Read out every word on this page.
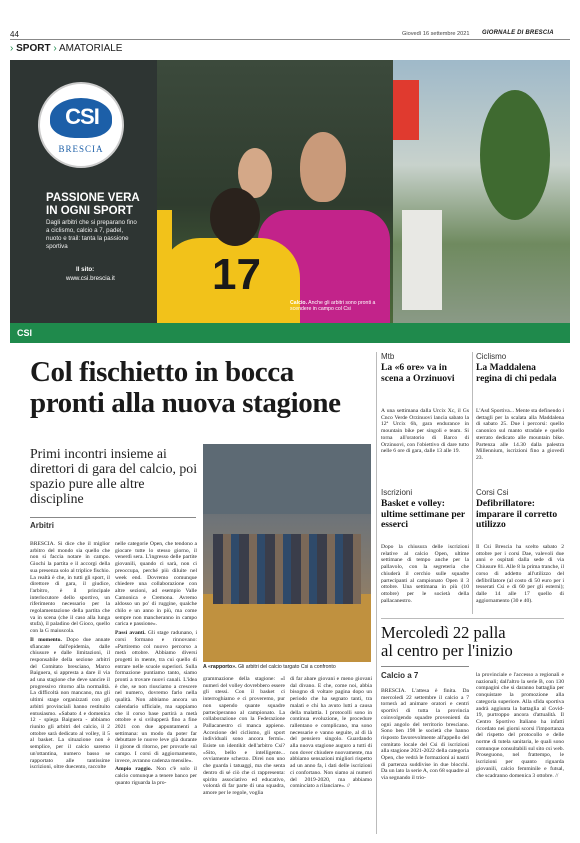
44	Giovedì 16 settembre 2021 GIORNALE DI BRESCIA
› SPORT › AMATORIALE
17
CSI
BRESCIA
PASSIONE VERA
IN OGNI SPORT
Dagli arbitri che si preparano fino a ciclismo, calcio a 7, padel, nuoto e trail: tanta la passione sportiva
Il sito:
www.csi.brescia.it
Calcio. Anche gli arbitri sono pronti a scendere in campo col Csi
CSI
Col fischietto in bocca
pronti alla nuova stagione
Primi incontri insieme ai direttori di gara del calcio, poi spazio pure alle altre discipline
Arbitri

BRESCIA. Si dice che il miglior arbitro del mondo sia quello che non si faccia notare in campo. Giochi la partita e il accorgi della sua presenza solo al triplice fischio. La realtà è che, in tutti gli sport, il direttore di gara, il giudice, l'arbitro, è il principale interlocutore dello sportivo, un riferimento necessario per la regolamentazione della partita che va in scena (che il caso alla lunga stufa), il paladino del Gioco, quello con la G maiuscola.

Il momento. Dopo due annate sfiancate dall'epidemia, dalle chiusure e dalle limitazioni, il responsabile della sezione arbitri del Comitato bresciano, Marco Baiguera, si appresta a dare il via ad una stagione che deve sancire il progressivo ritorno alla normalità. La difficoltà non mancano, ma gli ultimi stage organizzati con gli arbitri provinciali hanno restituito entusiasmo. «Sabato 4 e domenica 12 - spiega Baiguera - abbiamo riunito gli arbitri del calcio, il 2 ottobre sarà dedicato al volley, il 5 al basket. La situazione non è semplice, per il calcio saremo un'ottantina, numero basso se rapportato alle tantissime iscrizioni, oltre duecento, raccolte

nelle categorie Open, che tendono a giocare tutte lo stesso giorno, il venerdì sera. L'ingresso delle partite giovanili, quando ci sarà, non ci preoccupa, perché più diluite nel week end. Dovremo comunque chiedere una collaborazione con altre sezioni, ad esempio Valle Camonica e Cremona. Avremo aldosso un po' di ruggine, qualche chilo e un anno in più, ma come sempre non mancheranno in campo carica e passione».

Passi avanti. Gli stage radunano, i corsi formano e rinnovano: «Partiremo col nuovo percorso a metà ottobre. Abbiamo diversi progetti in mente, tra cui quello di entrare nelle scuole superiori. Sulla formazione puntiamo tanto, siamo pronti a trovare nuovi canali. L'idea è che, se non riusciamo a crescere nel numero, dovremo farlo nella qualità. Non abbiamo ancora un calendario ufficiale, ma sappiamo che il corso base partirà a metà ottobre e si svilupperà fino a fine 2021 con due appuntamenti a settimana: un modo da poter far debuttare le nuove leve già durante il girone di ritorno, per provarle sul campo. I corsi di aggiornamento, invece, avranno cadenza mensile».

Ampio raggio. Non c'è solo il calcio comunque a tenere banco per quanto riguarda la pro-

A «rapporto». Gli arbitri del calcio targato Csi a confronto
grammazione della stagione: «I numeri del volley dovrebbero essere gli stessi. Con il basket ci interroghiamo e ci proveremo, pur non sapendo quante squadre parteciperanno al campionato. La collaborazione con la Federazione Pallacanestro ci manca appieno. Accezione del ciclismo, gli sport individuali sono ancora fermi». Esiste un identikit dell'arbitro Csi? «Sito, bello e intelligente... ovviamente scherzo. Direi non uno che guarda i tatuaggi, ma che senta dentro di sé ciò che ci rappresenta: spirito associativo ed educativo, volontà di far parte di una squadra, amore per le regole, voglia
di far abare giovani e meno giovani dal divano. E che, come noi, abbia bisogno di voltare pagina dopo un periodo che ha segnato tanti, tra malati e chi ha avuto lutti a causa della malattia. I protocolli sono in continua evoluzione, le procedure rallentano e complicano, ma sono necessarie e vanno seguite, al di là del pensiero singolo. Guardando alla nuova stagione auguro a tutti di non dover chiudere nuovamente, ma abbiamo sensazioni migliori rispetto ad un anno fa, i dati delle iscrizioni ci confortano. Non siamo ai numeri del 2019-2020, ma abbiamo cominciato a rilanciare». //
Mtb
La «6 ore» va in scena a Orzinuovi
A una settimana dalla Urcix Xc, il Gs Cnco Verde Orzinuovi lancia sabato la 12ª Urcix 6h, gara endurance in mountain bike per singoli e team. Si torna all'oratorio di Barco di Orzinuovi, con l'obiettivo di dare tutto nelle 6 ore di gara, dalle 13 alle 19.
Ciclismo
La Maddalena regina di chi pedala
L'Asd Sportiva... Mente sta definendo i dettagli per la scalata alla Maddalena di sabato 25. Due i percorsi: quello canonico sul manto stradale e quello sterrato dedicato alle mountain bike. Partenza alle 14.30 dalla palestra Millennium, iscrizioni fino a giovedì 23.
Iscrizioni
Basket e volley: ultime settimane per esserci
Dopo la chiusura delle iscrizioni relative al calcio Open, ultime settimane di tempo anche per la pallavolo, con la segreteria che chiuderà il cerchio sulle squadre partecipanti al campionato Open il 3 ottobre. Una settimana in più (10 ottobre) per le società della pallacanestro.
Corsi Csi
Defibrillatore: imparare il corretto utilizzo
Il Csi Brescia ha scelto sabato 2 ottobre per i corsi Dae, valevoli due anni e ospitati dalla sede di via Chiusure 81. Alle 8 la prima tranche, il corso di addetto all'utilizzo del defibrillatore (al costo di 50 euro per i tesserati Csi e di 60 per gli esterni); dalle 14 alle 17 quello di aggiornamento (30 e 40).
Mercoledì 22 palla
al centro per l'inizio
Calcio a 7
BRESCIA. L'attesa è finita. Da mercoledì 22 settembre il calcio a 7 tornerà ad animare oratori e centri sportivi di tutta la provincia coinvolgendo squadre provenienti da ogni angolo del territorio bresciano. Sono ben 198 le società che hanno risposto favorevolmente all'appello del comitato locale del Csi di iscrizioni alla stagione 2021-2022 della categoria Open, che vedrà le formazioni ai nastri di partenza suddivise in due blocchi. Da un lato la serie A, con 68 squadre al via segnando il trio-
la provinciale e l'accesso a regionali e nazionali; dall'altro la serie B, con 130 compagini che si daranno battaglia per conquistare la promozione alla categoria superiore. Alla sfida sportiva andrà aggiunta la battaglia al Covid-19, purtroppo ancora d'attualità. Il Centro Sportivo Italiano ha infatti ricordato nei giorni scorsi l'importanza del rispetto del protocollo e delle norme di tutela sanitaria, le quali sono comunque consultabili sul sito csi web. Proseguono, nel frattempo, le iscrizioni per quanto riguarda giovanili, calcio femminile e futsal, che scadranno domenica 3 ottobre. //
